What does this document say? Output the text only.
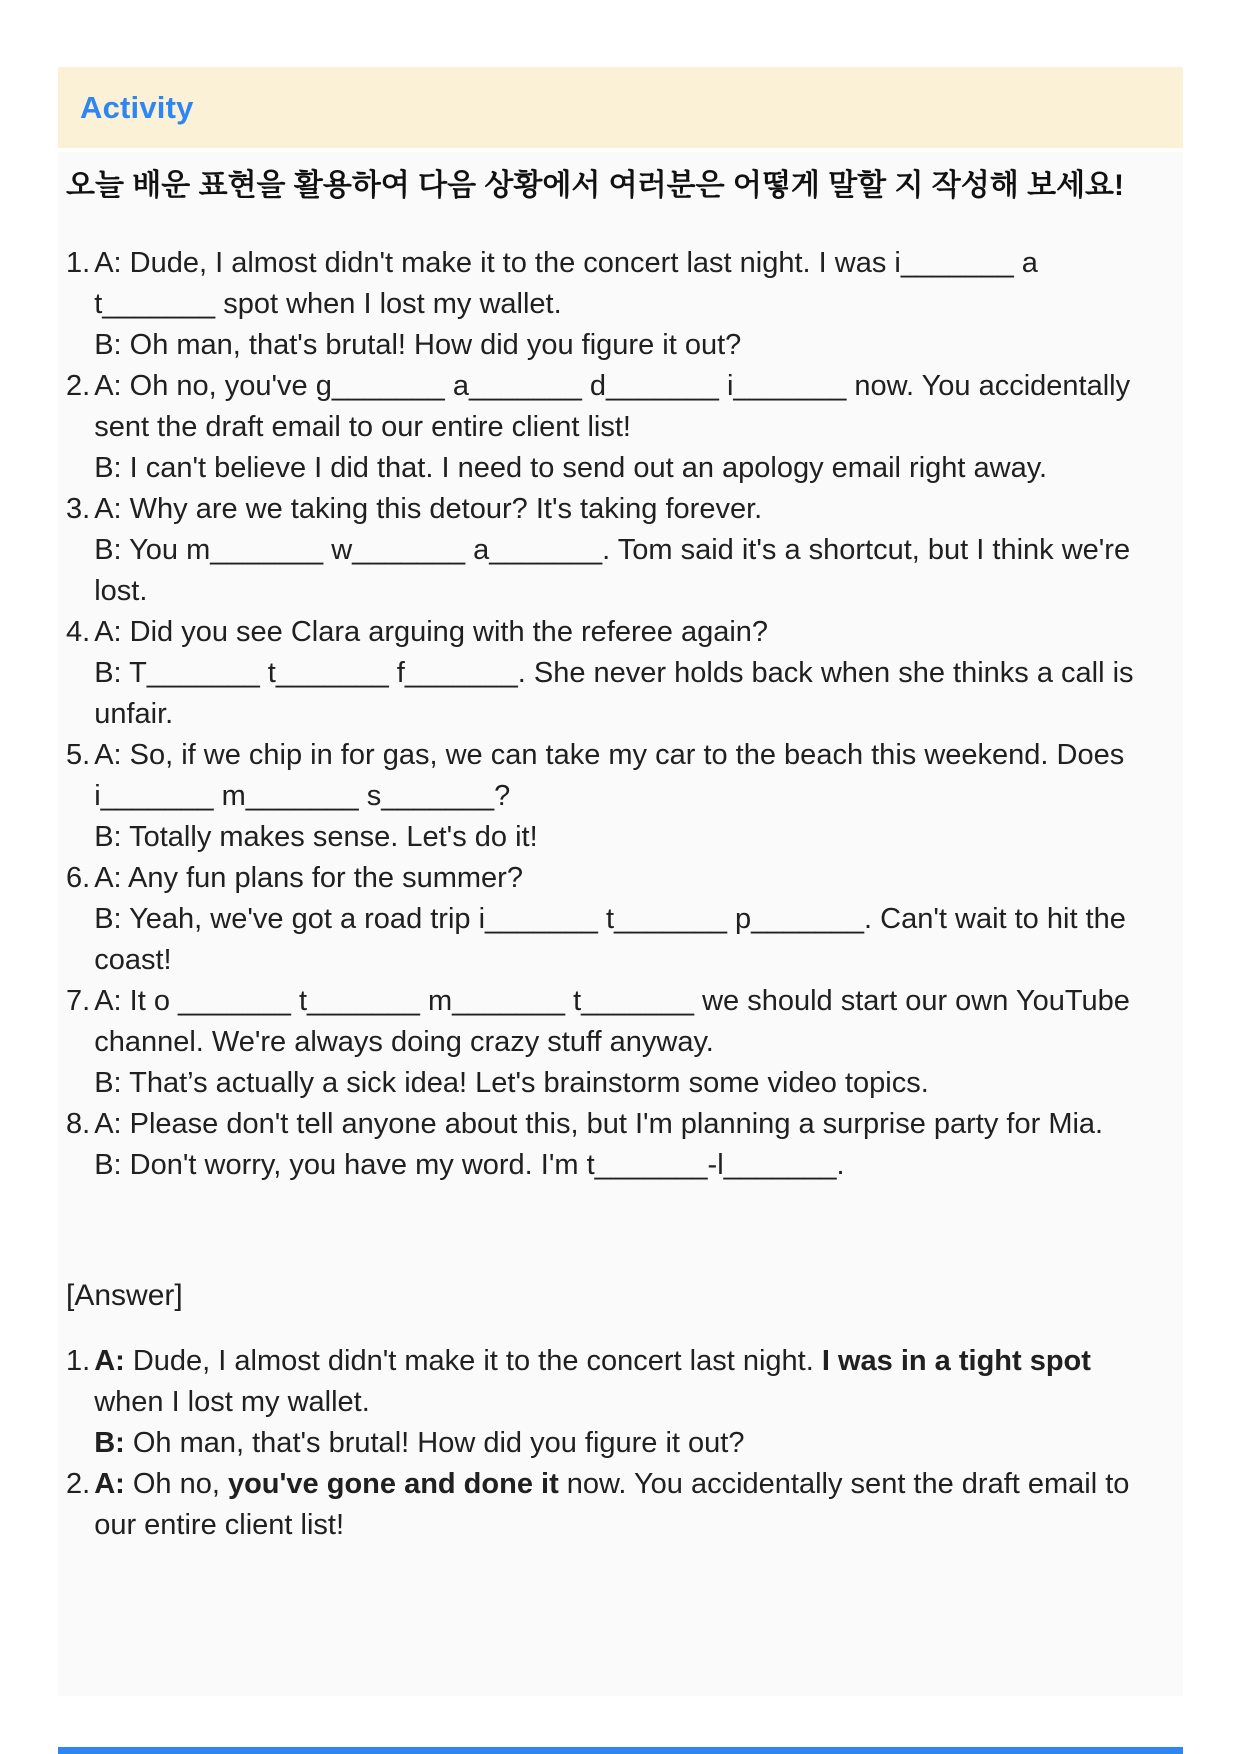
Activity

오늘 배운 표현을 활용하여 다음 상황에서 여러분은 어떻게 말할 지 작성해 보세요!

1. A: Dude, I almost didn't make it to the concert last night. I was i_______ a t_______ spot when I lost my wallet.
B: Oh man, that's brutal! How did you figure it out?
2. A: Oh no, you've g_______ a_______ d_______ i_______ now. You accidentally sent the draft email to our entire client list!
B: I can't believe I did that. I need to send out an apology email right away.
3. A: Why are we taking this detour? It's taking forever.
B: You m_______ w_______ a_______. Tom said it's a shortcut, but I think we're lost.
4. A: Did you see Clara arguing with the referee again?
B: T_______ t_______ f_______. She never holds back when she thinks a call is unfair.
5. A: So, if we chip in for gas, we can take my car to the beach this weekend. Does i_______ m_______ s_______?
B: Totally makes sense. Let's do it!
6. A: Any fun plans for the summer?
B: Yeah, we've got a road trip i_______ t_______ p_______. Can't wait to hit the coast!
7. A: It o _______ t_______ m_______ t_______ we should start our own YouTube channel. We're always doing crazy stuff anyway.
B: That’s actually a sick idea! Let's brainstorm some video topics.
8. A: Please don't tell anyone about this, but I'm planning a surprise party for Mia.
B: Don't worry, you have my word. I'm t_______-l_______.

[Answer]

1. A: Dude, I almost didn't make it to the concert last night. I was in a tight spot when I lost my wallet.
B: Oh man, that's brutal! How did you figure it out?
2. A: Oh no, you've gone and done it now. You accidentally sent the draft email to our entire client list!
